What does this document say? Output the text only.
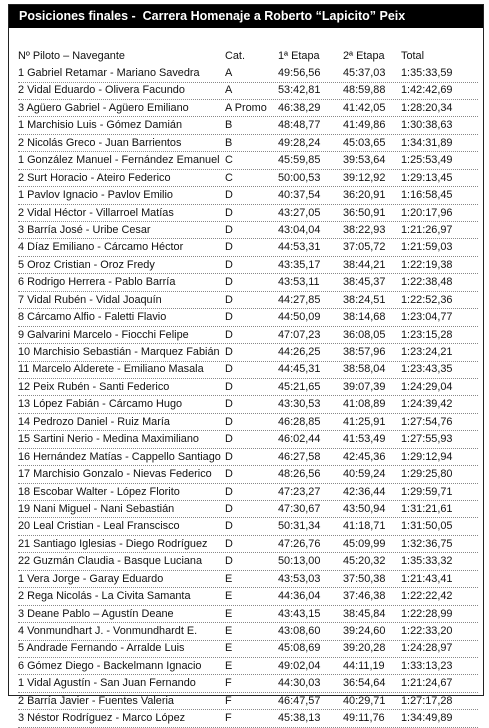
Posiciones finales -  Carrera Homenaje a Roberto “Lapicito” Peix
Nº Piloto – Navegante	Cat.	1ª Etapa 2ª Etapa Total
1 Gabriel Retamar - Mariano Savedra	A	49:56,56 45:37,03 1:35:33,59
2 Vidal Eduardo - Olivera Facundo	A	53:42,81 48:59,88 1:42:42,69
3 Agüero Gabriel - Agüero Emiliano	A Promo 46:38,29 41:42,05 1:28:20,34
1 Marchisio Luis - Gómez Damián	B	48:48,77 41:49,86 1:30:38,63
2 Nicolás Greco - Juan Barrientos	B	49:28,24 45:03,65 1:34:31,89
1 González Manuel - Fernández Emanuel C	45:59,85 39:53,64 1:25:53,49
2 Surt Horacio - Ateiro Federico	C	50:00,53 39:12,92 1:29:13,45
1 Pavlov Ignacio - Pavlov Emilio	D	40:37,54 36:20,91 1:16:58,45
2 Vidal Héctor - Villarroel Matías	D	43:27,05 36:50,91 1:20:17,96
3 Barría José - Uribe Cesar	D	43:04,04 38:22,93 1:21:26,97
4 Díaz Emiliano - Cárcamo Héctor	D	44:53,31 37:05,72 1:21:59,03
5 Oroz Cristian - Oroz Fredy	D	43:35,17 38:44,21 1:22:19,38
6 Rodrigo Herrera - Pablo Barría	D	43:53,11 38:45,37 1:22:38,48
7 Vidal Rubén - Vidal Joaquín	D	44:27,85 38:24,51 1:22:52,36
8 Cárcamo Alfio - Faletti Flavio	D	44:50,09 38:14,68 1:23:04,77
9 Galvarini Marcelo - Fiocchi Felipe	D	47:07,23 36:08,05 1:23:15,28
10 Marchisio Sebastián - Marquez Fabián D	44:26,25 38:57,96 1:23:24,21
11 Marcelo Alderete - Emiliano Masala	D	44:45,31 38:58,04 1:23:43,35
12 Peix Rubén - Santi Federico	D	45:21,65 39:07,39 1:24:29,04
13 López Fabián - Cárcamo Hugo	D	43:30,53 41:08,89 1:24:39,42
14 Pedrozo Daniel - Ruiz María	D	46:28,85 41:25,91 1:27:54,76
15 Sartini Nerio - Medina Maximiliano	D	46:02,44 41:53,49 1:27:55,93
16 Hernández Matías - Cappello Santiago D	46:27,58 42:45,36 1:29:12,94
17 Marchisio Gonzalo - Nievas Federico	D	48:26,56 40:59,24 1:29:25,80
18 Escobar Walter - López Florito	D	47:23,27 42:36,44 1:29:59,71
19 Nani Miguel - Nani Sebastián	D	47:30,67 43:50,94 1:31:21,61
20 Leal Cristian - Leal Franscisco	D	50:31,34 41:18,71 1:31:50,05
21 Santiago Iglesias - Diego Rodríguez	D	47:26,76 45:09,99 1:32:36,75
22 Guzmán Claudia - Basque Luciana	D	50:13,00 45:20,32 1:35:33,32
1 Vera Jorge - Garay Eduardo	E	43:53,03 37:50,38 1:21:43,41
2 Rega Nicolás - La Civita Samanta	E	44:36,04 37:46,38 1:22:22,42
3 Deane Pablo – Agustín Deane	E	43:43,15 38:45,84 1:22:28,99
4 Vonmundhart J. - Vonmundhardt E.	E	43:08,60 39:24,60 1:22:33,20
5 Andrade Fernando - Arralde Luis	E	45:08,69 39:20,28 1:24:28,97
6 Gómez Diego - Backelmann Ignacio	E	49:02,04 44:11,19 1:33:13,23
1 Vidal Agustín - San Juan Fernando	F	44:30,03 36:54,64 1:21:24,67
2 Barría Javier - Fuentes Valeria	F	46:47,57 40:29,71 1:27:17,28
3 Néstor Rodríguez - Marco López	F	45:38,13 49:11,76 1:34:49,89
